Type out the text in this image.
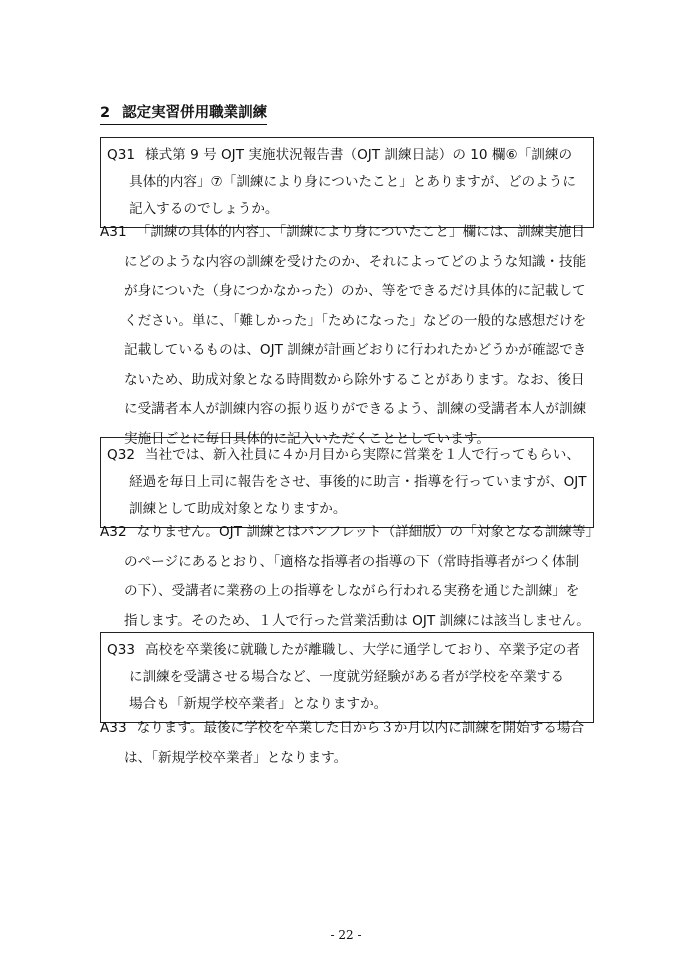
2 認定実習併用職業訓練
Q31 様式第 9 号 OJT 実施状況報告書（OJT 訓練日誌）の 10 欄⑥「訓練の
具体的内容」⑦「訓練により身についたこと」とありますが、どのように
記入するのでしょうか。
A31 「訓練の具体的内容」、「訓練により身についたこと」欄には、訓練実施日
にどのような内容の訓練を受けたのか、それによってどのような知識・技能
が身についた（身につかなかった）のか、等をできるだけ具体的に記載して
ください。単に、「難しかった」「ためになった」などの一般的な感想だけを
記載しているものは、OJT 訓練が計画どおりに行われたかどうかが確認でき
ないため、助成対象となる時間数から除外することがあります。なお、後日
に受講者本人が訓練内容の振り返りができるよう、訓練の受講者本人が訓練
実施日ごとに毎日具体的に記入いただくこととしています。
Q32 当社では、新入社員に４か月目から実際に営業を１人で行ってもらい、
経過を毎日上司に報告をさせ、事後的に助言・指導を行っていますが、OJT
訓練として助成対象となりますか。
A32 なりません。OJT 訓練とはパンフレット（詳細版）の「対象となる訓練等」
のページにあるとおり、「適格な指導者の指導の下（常時指導者がつく体制
の下）、受講者に業務の上の指導をしながら行われる実務を通じた訓練」を
指します。そのため、１人で行った営業活動は OJT 訓練には該当しません。
Q33 高校を卒業後に就職したが離職し、大学に通学しており、卒業予定の者
に訓練を受講させる場合など、一度就労経験がある者が学校を卒業する
場合も「新規学校卒業者」となりますか。
A33 なります。最後に学校を卒業した日から３か月以内に訓練を開始する場合
は、「新規学校卒業者」となります。
- 22 -
